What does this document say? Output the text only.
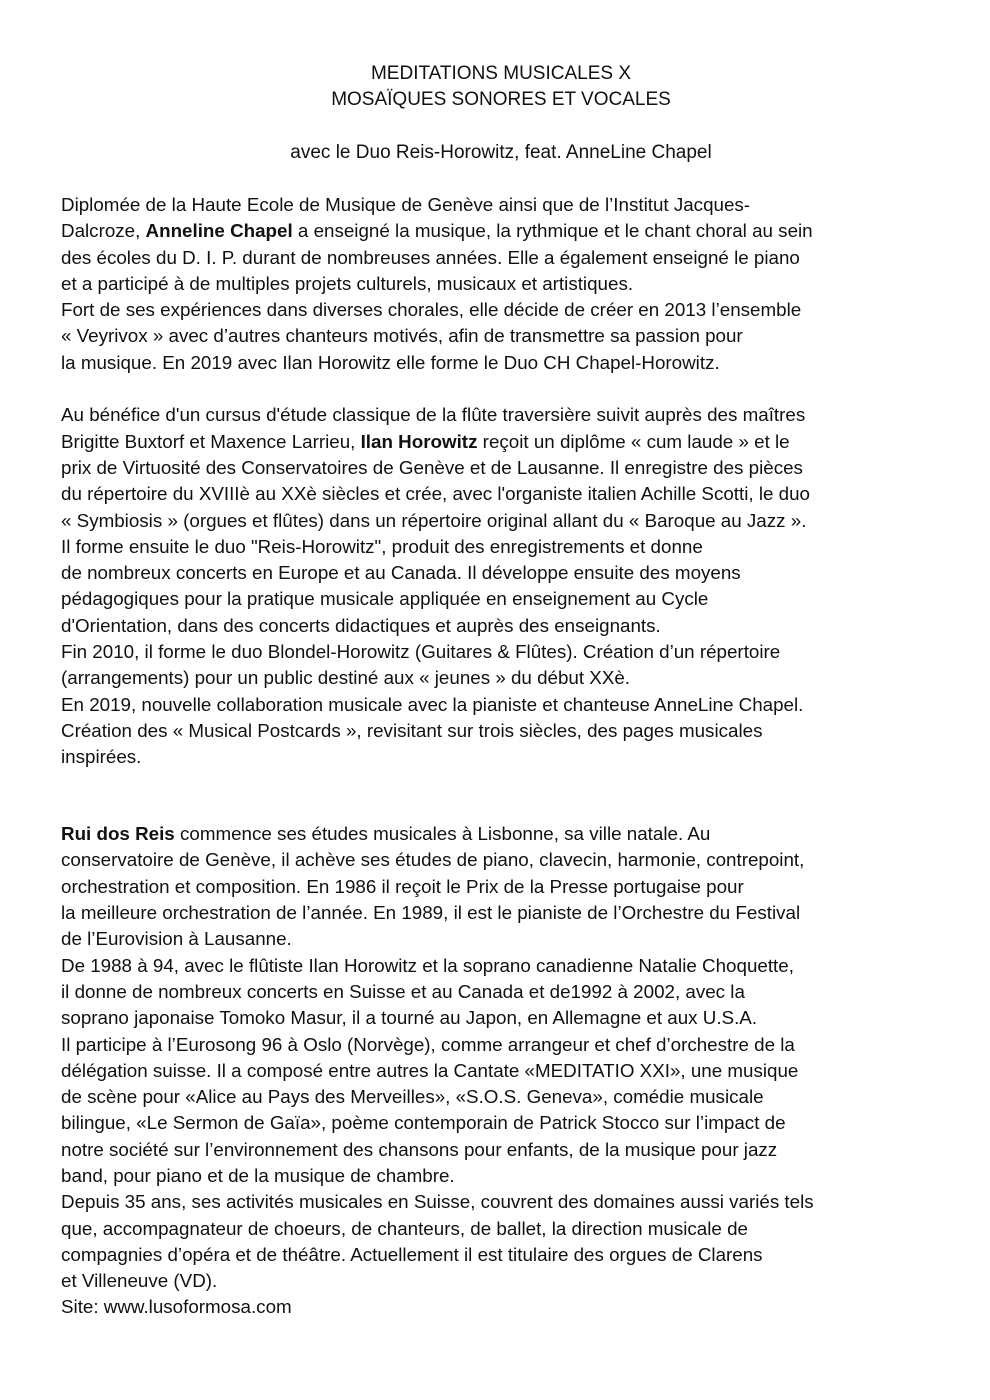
MEDITATIONS MUSICALES X
MOSAÏQUES SONORES ET VOCALES
avec le Duo Reis-Horowitz, feat. AnneLine Chapel
Diplomée de la Haute Ecole de Musique de Genève ainsi que de l’Institut Jacques-
Dalcroze, Anneline Chapel a enseigné la musique, la rythmique et le chant choral au sein
des écoles du D. I. P. durant de nombreuses années. Elle a également enseigné le piano
et a participé à de multiples projets culturels, musicaux et artistiques.
Fort de ses expériences dans diverses chorales, elle décide de créer en 2013 l’ensemble
« Veyrivox » avec d’autres chanteurs motivés, afin de transmettre sa passion pour
la musique. En 2019 avec Ilan Horowitz elle forme le Duo CH Chapel-Horowitz.
Au bénéfice d'un cursus d'étude classique de la flûte traversière suivit auprès des maîtres
Brigitte Buxtorf et Maxence Larrieu, Ilan Horowitz reçoit un diplôme « cum laude » et le
prix de Virtuosité des Conservatoires de Genève et de Lausanne. Il enregistre des pièces
du répertoire du XVIIIè au XXè siècles et crée, avec l'organiste italien Achille Scotti, le duo
« Symbiosis » (orgues et flûtes) dans un répertoire original allant du « Baroque au Jazz ».
Il forme ensuite le duo "Reis-Horowitz", produit des enregistrements et donne
de nombreux concerts en Europe et au Canada. Il développe ensuite des moyens
pédagogiques pour la pratique musicale appliquée en enseignement au Cycle
d'Orientation, dans des concerts didactiques et auprès des enseignants.
Fin 2010, il forme le duo Blondel-Horowitz (Guitares & Flûtes). Création d’un répertoire
(arrangements) pour un public destiné aux « jeunes » du début XXè.
En 2019, nouvelle collaboration musicale avec la pianiste et chanteuse AnneLine Chapel.
Création des « Musical Postcards », revisitant sur trois siècles, des pages musicales
inspirées.
Rui dos Reis commence ses études musicales à Lisbonne, sa ville natale. Au
conservatoire de Genève, il achève ses études de piano, clavecin, harmonie, contrepoint,
orchestration et composition. En 1986 il reçoit le Prix de la Presse portugaise pour
la meilleure orchestration de l’année. En 1989, il est le pianiste de l’Orchestre du Festival
de l’Eurovision à Lausanne.
De 1988 à 94, avec le flûtiste Ilan Horowitz et la soprano canadienne Natalie Choquette,
il donne de nombreux concerts en Suisse et au Canada et de1992 à 2002, avec la
soprano japonaise Tomoko Masur, il a tourné au Japon, en Allemagne et aux U.S.A.
Il participe à l’Eurosong 96 à Oslo (Norvège), comme arrangeur et chef d’orchestre de la
délégation suisse. Il a composé entre autres la Cantate «MEDITATIO XXI», une musique
de scène pour «Alice au Pays des Merveilles», «S.O.S. Geneva», comédie musicale
bilingue, «Le Sermon de Gaïa», poème contemporain de Patrick Stocco sur l’impact de
notre société sur l’environnement des chansons pour enfants, de la musique pour jazz
band, pour piano et de la musique de chambre.
Depuis 35 ans, ses activités musicales en Suisse, couvrent des domaines aussi variés tels
que, accompagnateur de choeurs, de chanteurs, de ballet, la direction musicale de
compagnies d’opéra et de théâtre. Actuellement il est titulaire des orgues de Clarens
et Villeneuve (VD).
Site: www.lusoformosa.com
